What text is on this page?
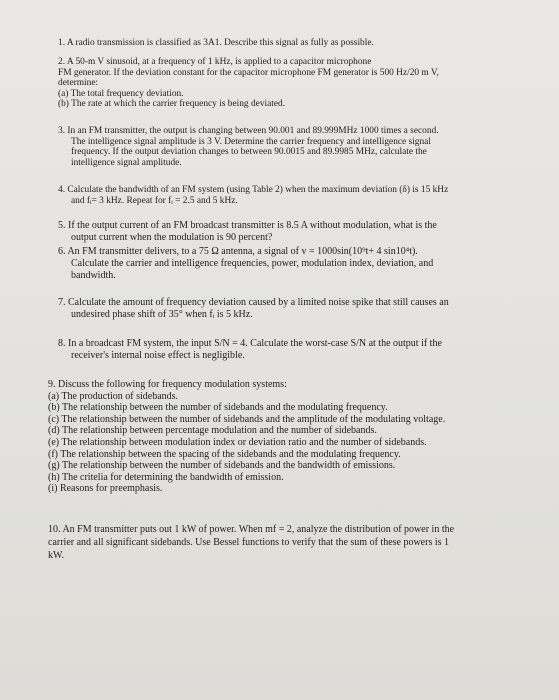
1. A radio transmission is classified as 3A1. Describe this signal as fully as possible.

2. A 50-m V sinusoid, at a frequency of 1 kHz, is applied to a capacitor microphone

FM generator. If the deviation constant for the capacitor microphone FM generator is 500 Hz/20 m V,

determine:

(a) The total frequency deviation.

(b) The rate at which the carrier frequency is being deviated.

3. In an FM transmitter, the output is changing between 90.001 and 89.999MHz 1000 times a second.

The intelligence signal amplitude is 3 V. Determine the carrier frequency and intelligence signal

frequency. If the output deviation changes to between 90.0015 and 89.9985 MHz, calculate the

intelligence signal amplitude.

4. Calculate the bandwidth of an FM system (using Table 2) when the maximum deviation (δ) is 15 kHz

and fᵢ= 3 kHz. Repeat for fᵢ = 2.5 and 5 kHz.

5. If the output current of an FM broadcast transmitter is 8.5 A without modulation, what is the

output current when the modulation is 90 percent?

6. An FM transmitter delivers, to a 75 Ω antenna, a signal of v = 1000sin(10⁹t+ 4 sin10⁴t).

Calculate the carrier and intelligence frequencies, power, modulation index, deviation, and

bandwidth.

7. Calculate the amount of frequency deviation caused by a limited noise spike that still causes an

undesired phase shift of 35° when fᵢ is 5 kHz.

8. In a broadcast FM system, the input S/N = 4. Calculate the worst-case S/N at the output if the

receiver's internal noise effect is negligible.

9. Discuss the following for frequency modulation systems:

(a) The production of sidebands.

(b) The relationship between the number of sidebands and the modulating frequency.

(c) The relationship between the number of sidebands and the amplitude of the modulating voltage.

(d) The relationship between percentage modulation and the number of sidebands.

(e) The relationship between modulation index or deviation ratio and the number of sidebands.

(f) The relationship between the spacing of the sidebands and the modulating frequency.

(g) The relationship between the number of sidebands and the bandwidth of emissions.

(h) The critelia for determining the bandwidth of emission.

(i) Reasons for preemphasis.

10. An FM transmitter puts out 1 kW of power. When mf = 2, analyze the distribution of power in the

carrier and all significant sidebands. Use Bessel functions to verify that the sum of these powers is 1

kW.
